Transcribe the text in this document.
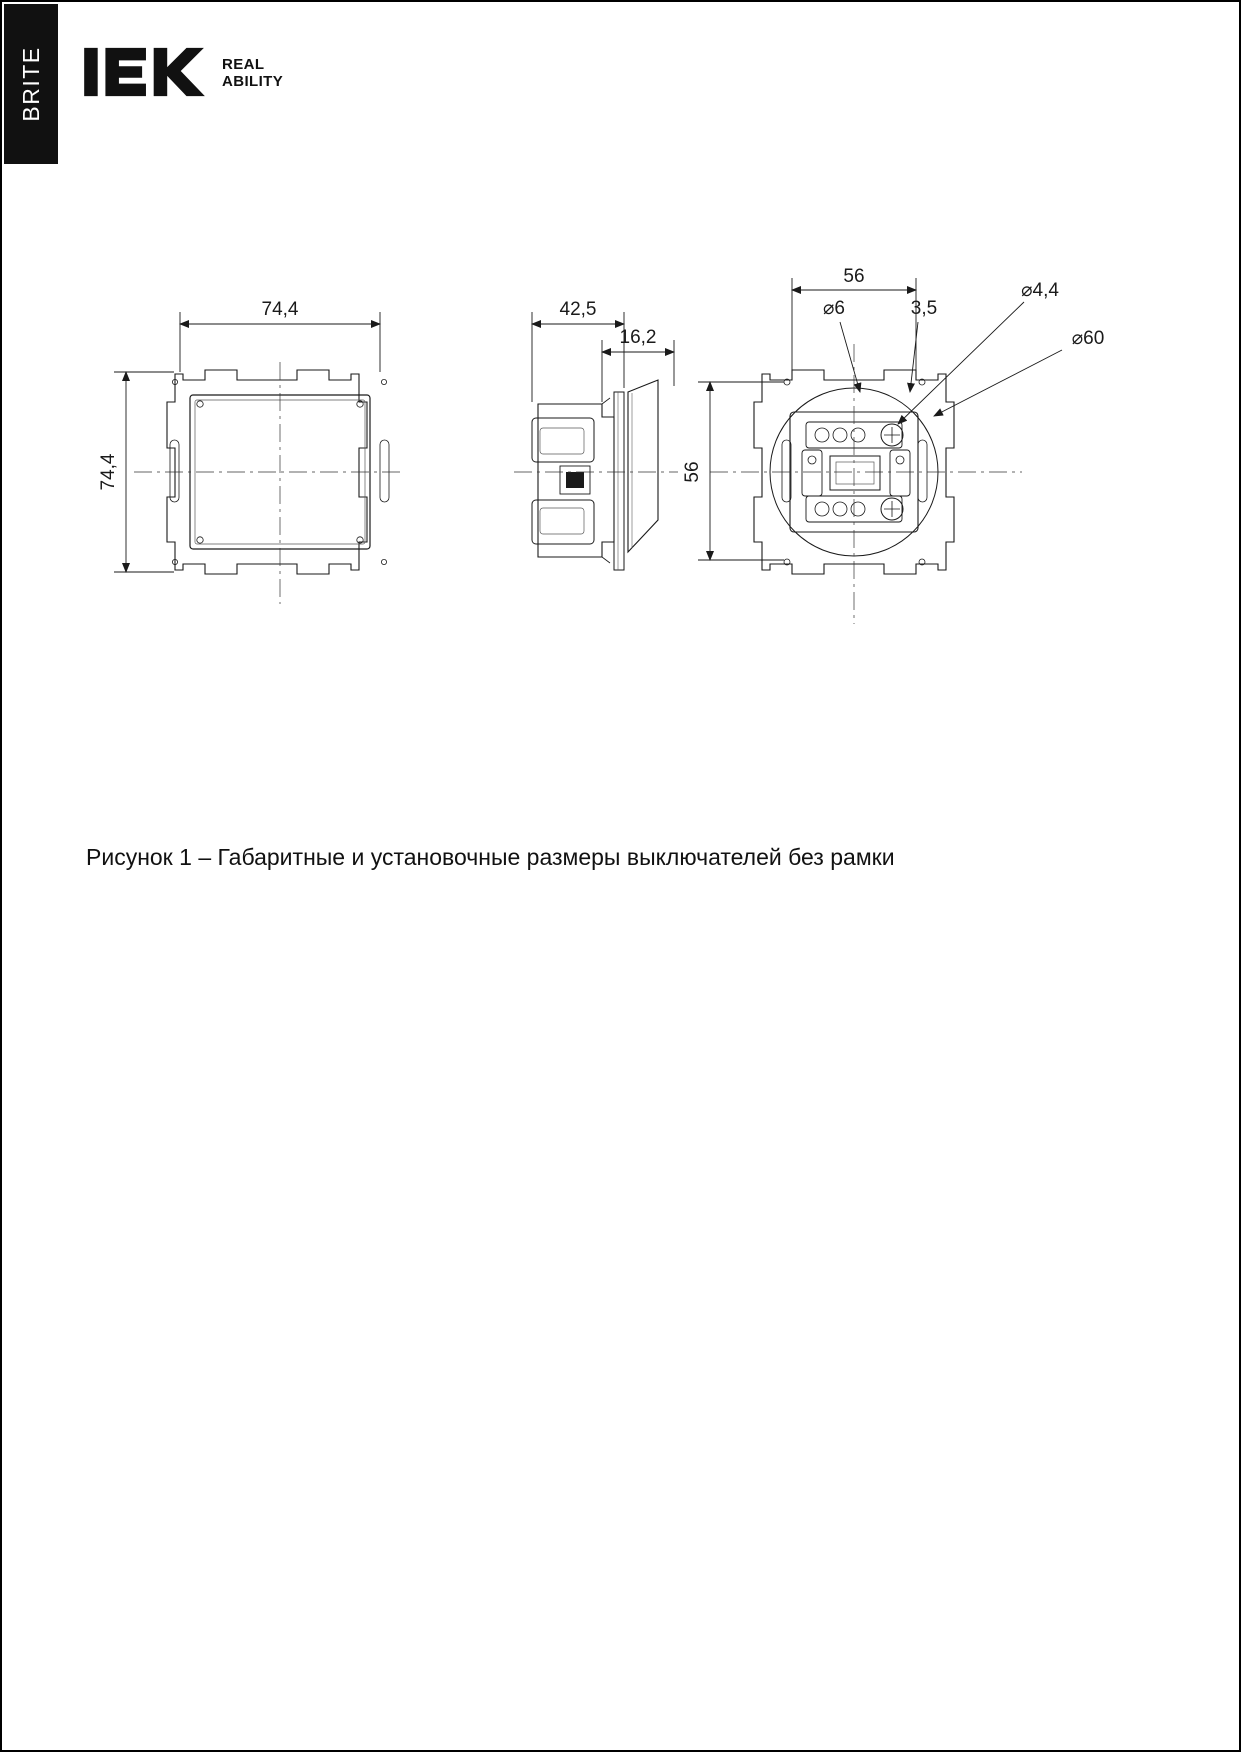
BRITE	REAL
ABILITY
74,4
74,4
42,5
16,2
56
56
⌀6	3,5
⌀4,4
⌀60
Рисунок 1 – Габаритные и установочные размеры выключателей без рамки
